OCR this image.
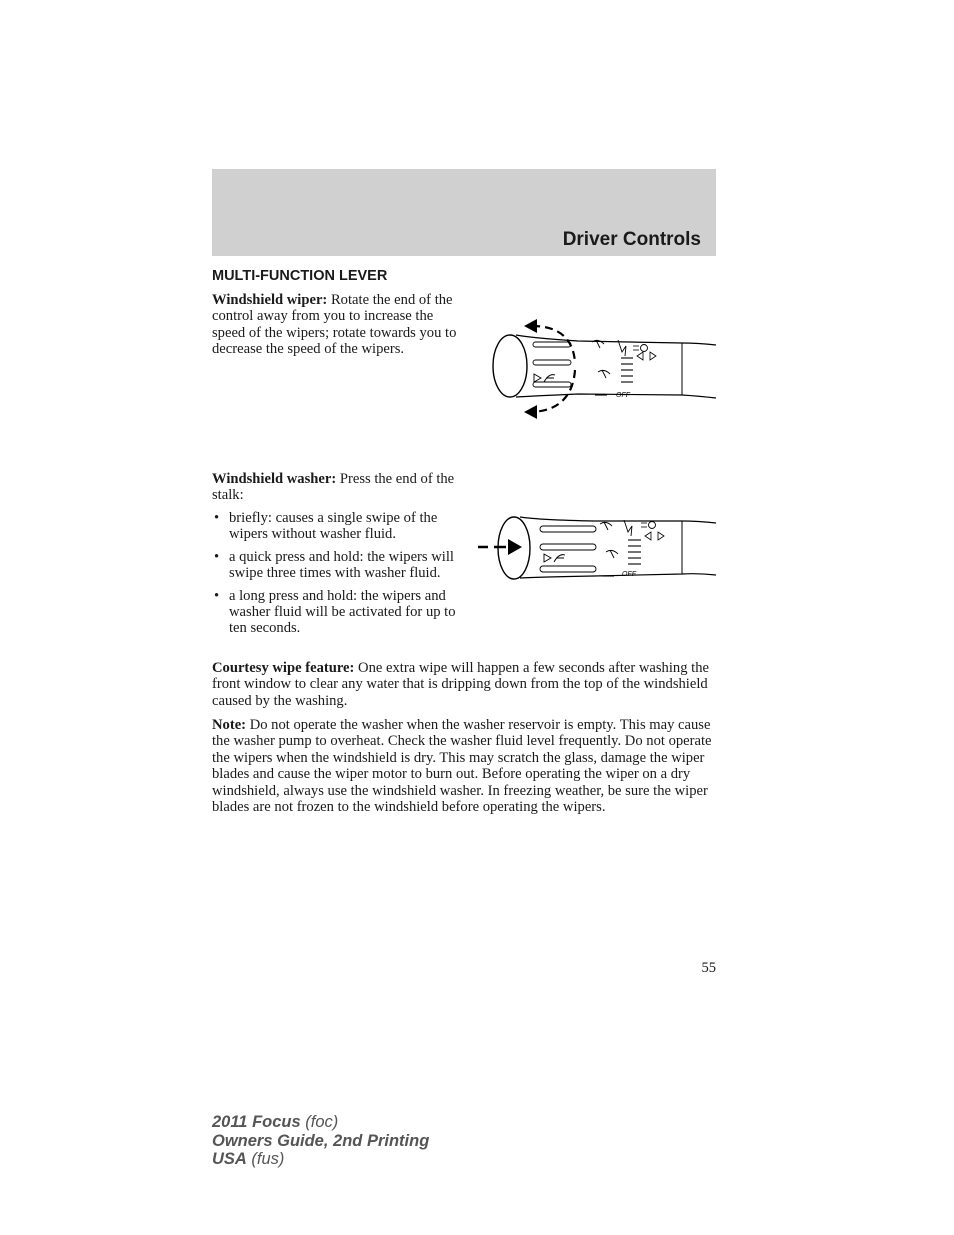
Driver Controls
MULTI-FUNCTION LEVER

Windshield wiper: Rotate the end of the control away from you to increase the speed of the wipers; rotate towards you to decrease the speed of the wipers.

OFF

Windshield washer: Press the end of the stalk:

• briefly: causes a single swipe of the wipers without washer fluid.
• a quick press and hold: the wipers will swipe three times with washer fluid.
• a long press and hold: the wipers and washer fluid will be activated for up to ten seconds.
OFF

Courtesy wipe feature: One extra wipe will happen a few seconds after washing the front window to clear any water that is dripping down from the top of the windshield caused by the washing.

Note: Do not operate the washer when the washer reservoir is empty. This may cause the washer pump to overheat. Check the washer fluid level frequently. Do not operate the wipers when the windshield is dry. This may scratch the glass, damage the wiper blades and cause the wiper motor to burn out. Before operating the wiper on a dry windshield, always use the windshield washer. In freezing weather, be sure the wiper blades are not frozen to the windshield before operating the wipers.

55
2011 Focus (foc)
Owners Guide, 2nd Printing
USA (fus)
